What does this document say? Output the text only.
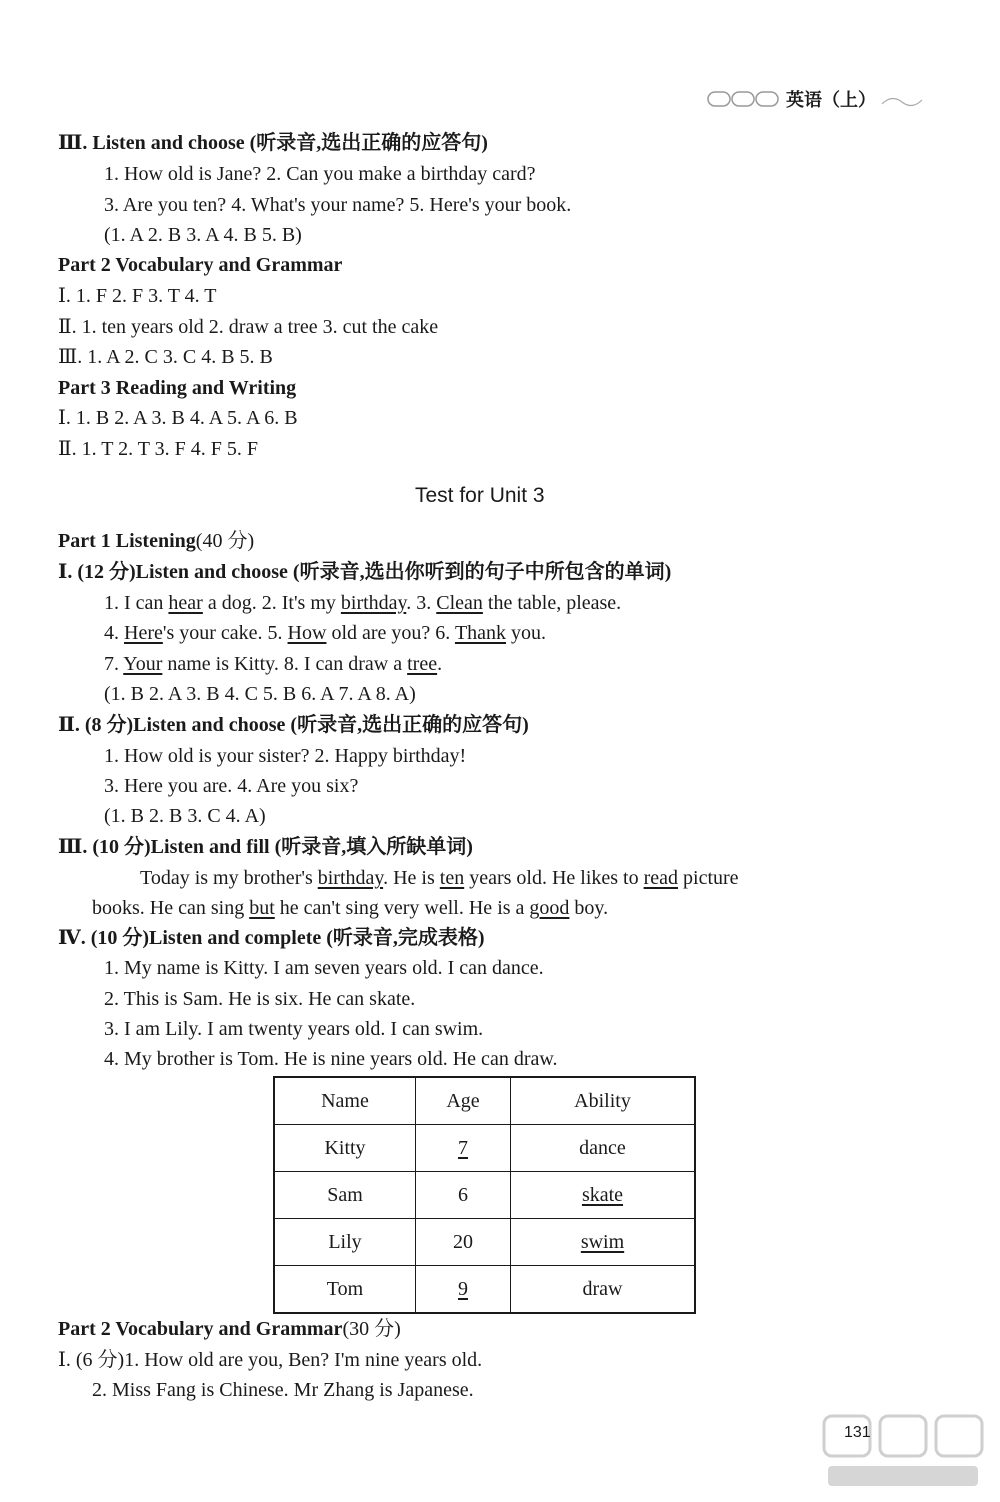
英语（上）
Ⅲ. Listen and choose (听录音,选出正确的应答句)
1. How old is Jane? 2. Can you make a birthday card?
3. Are you ten? 4. What's your name? 5. Here's your book.
(1. A 2. B 3. A 4. B 5. B)
Part 2 Vocabulary and Grammar
Ⅰ. 1. F 2. F 3. T 4. T
Ⅱ. 1. ten years old 2. draw a tree 3. cut the cake
Ⅲ. 1. A 2. C 3. C 4. B 5. B
Part 3 Reading and Writing
Ⅰ. 1. B 2. A 3. B 4. A 5. A 6. B
Ⅱ. 1. T 2. T 3. F 4. F 5. F
Test for Unit 3
Part 1 Listening(40 分)
Ⅰ. (12 分)Listen and choose (听录音,选出你听到的句子中所包含的单词)
1. I can hear a dog. 2. It's my birthday. 3. Clean the table, please.
4. Here's your cake. 5. How old are you? 6. Thank you.
7. Your name is Kitty. 8. I can draw a tree.
(1. B 2. A 3. B 4. C 5. B 6. A 7. A 8. A)
Ⅱ. (8 分)Listen and choose (听录音,选出正确的应答句)
1. How old is your sister? 2. Happy birthday!
3. Here you are. 4. Are you six?
(1. B 2. B 3. C 4. A)
Ⅲ. (10 分)Listen and fill (听录音,填入所缺单词)
Today is my brother's birthday. He is ten years old. He likes to read picture
books. He can sing but he can't sing very well. He is a good boy.
Ⅳ. (10 分)Listen and complete (听录音,完成表格)
1. My name is Kitty. I am seven years old. I can dance.
2. This is Sam. He is six. He can skate.
3. I am Lily. I am twenty years old. I can swim.
4. My brother is Tom. He is nine years old. He can draw.
Name	Age	Ability
Kitty	7	dance
Sam	6	skate
Lily	20	swim
Tom	9	draw
Part 2 Vocabulary and Grammar(30 分)
Ⅰ. (6 分)1. How old are you, Ben? I'm nine years old.
2. Miss Fang is Chinese. Mr Zhang is Japanese.
131
